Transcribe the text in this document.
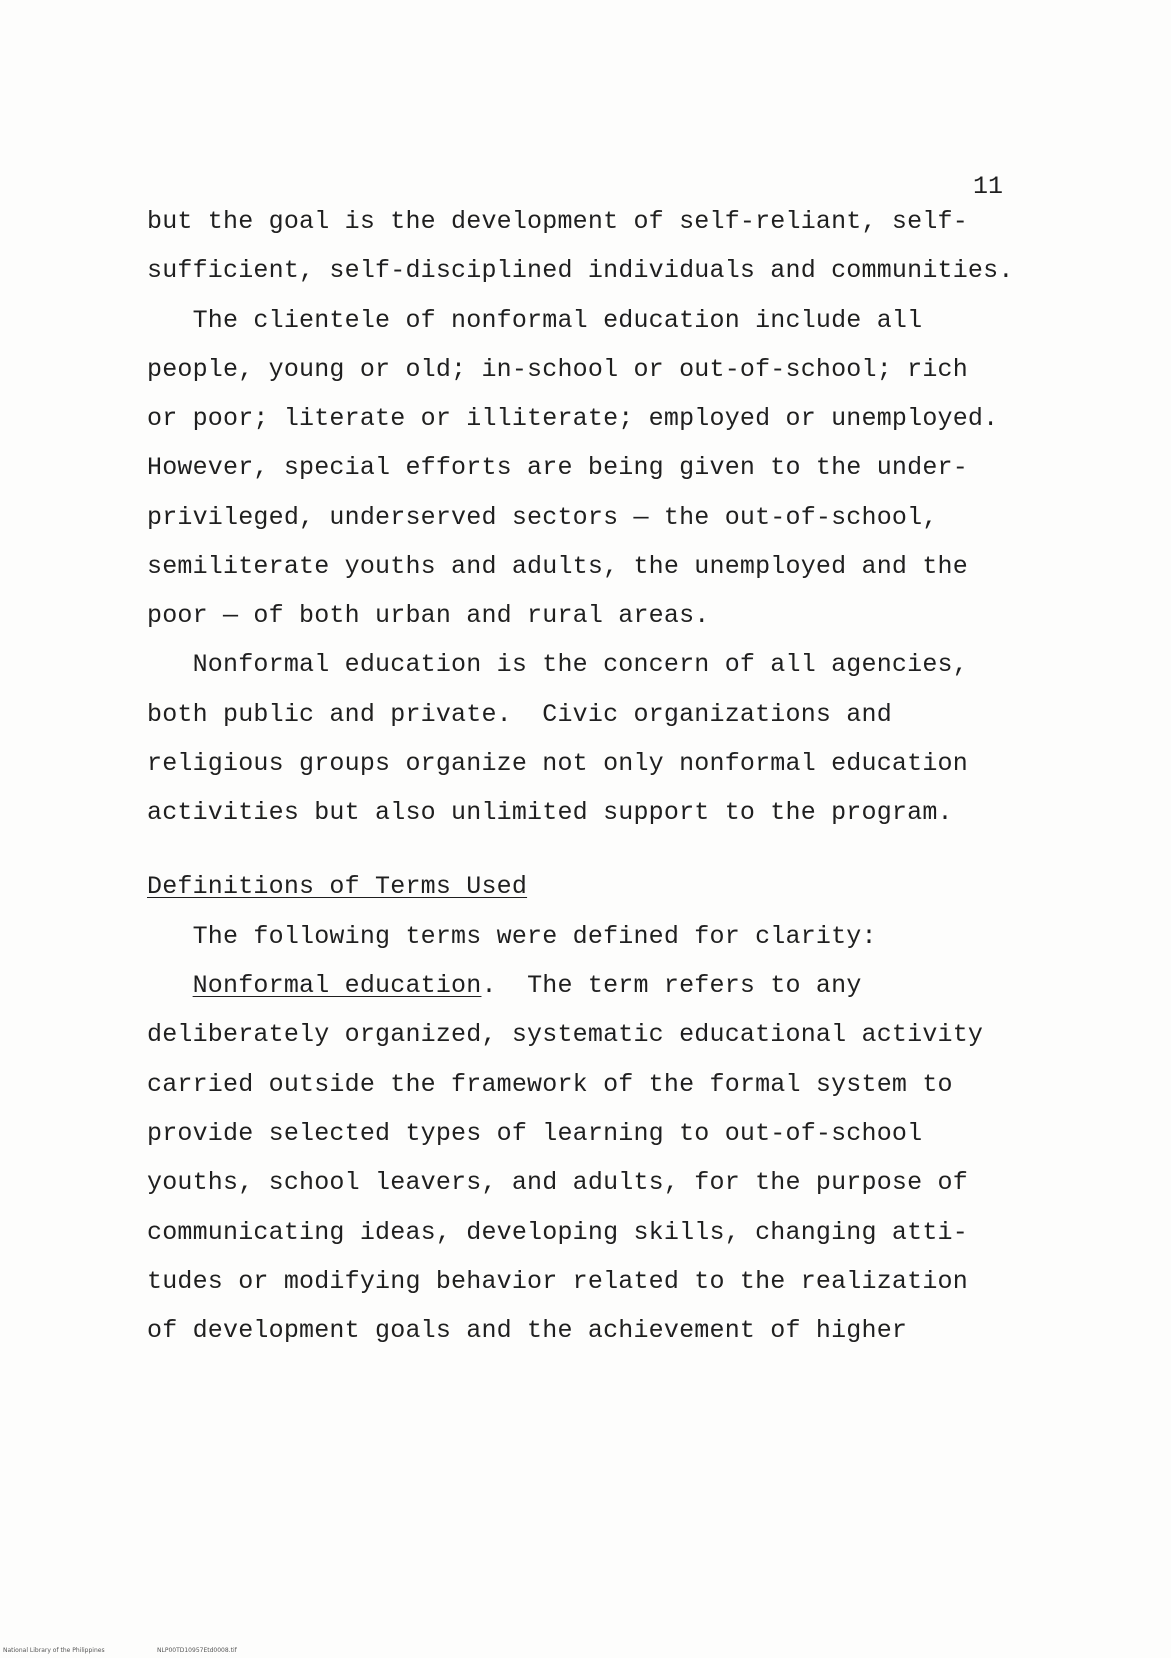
11
but the goal is the development of self-reliant, self-
sufficient, self-disciplined individuals and communities.
The clientele of nonformal education include all
people, young or old; in-school or out-of-school; rich
or poor; literate or illiterate; employed or unemployed.
However, special efforts are being given to the under-
privileged, underserved sectors — the out-of-school,
semiliterate youths and adults, the unemployed and the
poor — of both urban and rural areas.
Nonformal education is the concern of all agencies,
both public and private.  Civic organizations and
religious groups organize not only nonformal education
activities but also unlimited support to the program.
Definitions of Terms Used
The following terms were defined for clarity:
Nonformal education.  The term refers to any
deliberately organized, systematic educational activity
carried outside the framework of the formal system to
provide selected types of learning to out-of-school
youths, school leavers, and adults, for the purpose of
communicating ideas, developing skills, changing atti-
tudes or modifying behavior related to the realization
of development goals and the achievement of higher
National Library of the Philippines	NLP00TD10957Etd0008.tif
